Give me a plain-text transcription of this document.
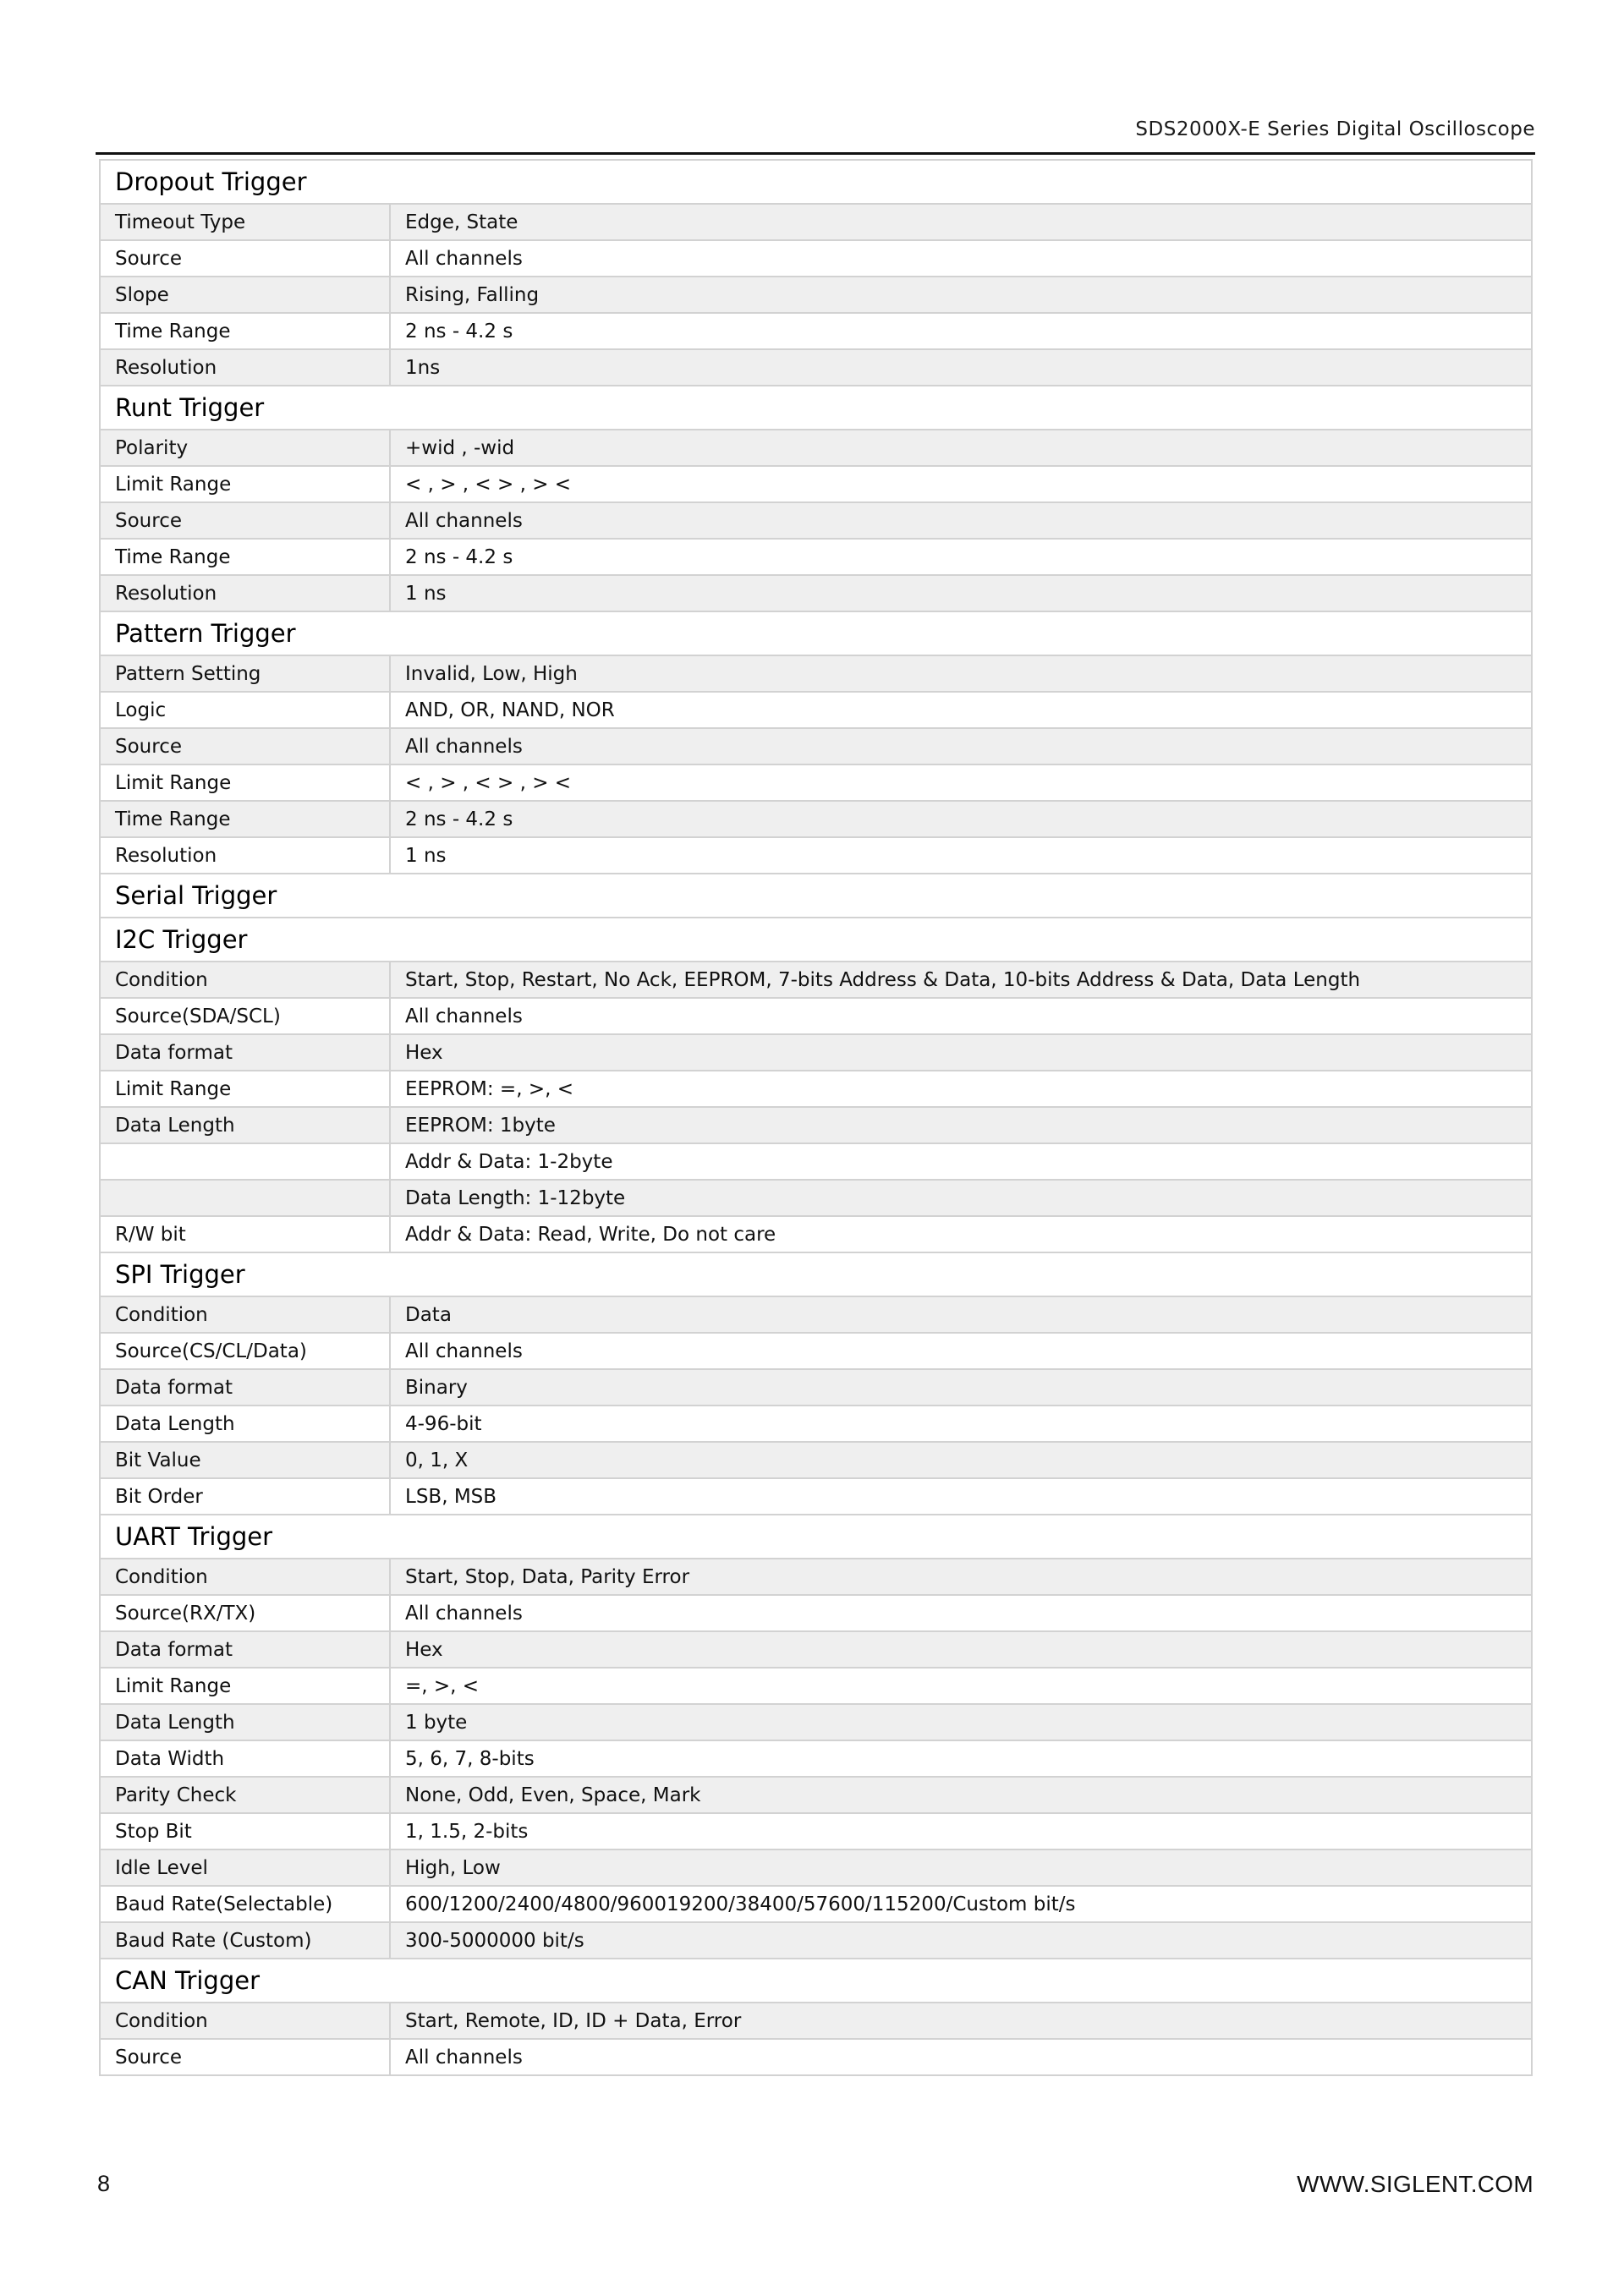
SDS2000X-E Series Digital Oscilloscope
Dropout Trigger	
Timeout Type	Edge, State
Source	All channels
Slope	Rising, Falling
Time Range	2 ns - 4.2 s
Resolution	1ns
Runt Trigger	
Polarity	+wid , -wid
Limit Range	< , > , < > , > <
Source	All channels
Time Range	2 ns - 4.2 s
Resolution	1 ns
Pattern Trigger	
Pattern Setting	Invalid, Low, High
Logic	AND, OR, NAND, NOR
Source	All channels
Limit Range	< , > , < > , > <
Time Range	2 ns - 4.2 s
Resolution	1 ns
Serial Trigger	
I2C Trigger	
Condition	Start, Stop, Restart, No Ack, EEPROM, 7-bits Address & Data, 10-bits Address & Data, Data Length
Source(SDA/SCL)	All channels
Data format	Hex
Limit Range	EEPROM: =, >, <
Data Length	EEPROM: 1byte
	Addr & Data: 1-2byte
	Data Length: 1-12byte
R/W bit	Addr & Data: Read, Write, Do not care
SPI Trigger	
Condition	Data
Source(CS/CL/Data)	All channels
Data format	Binary
Data Length	4-96-bit
Bit Value	0, 1, X
Bit Order	LSB, MSB
UART Trigger	
Condition	Start, Stop, Data, Parity Error
Source(RX/TX)	All channels
Data format	Hex
Limit Range	=, >, <
Data Length	1 byte
Data Width	5, 6, 7, 8-bits
Parity Check	None, Odd, Even, Space, Mark
Stop Bit	1, 1.5, 2-bits
Idle Level	High, Low
Baud Rate(Selectable)	600/1200/2400/4800/960019200/38400/57600/115200/Custom bit/s
Baud Rate (Custom)	300-5000000 bit/s
CAN Trigger	
Condition	Start, Remote, ID, ID + Data, Error
Source	All channels
8	WWW.SIGLENT.COM
